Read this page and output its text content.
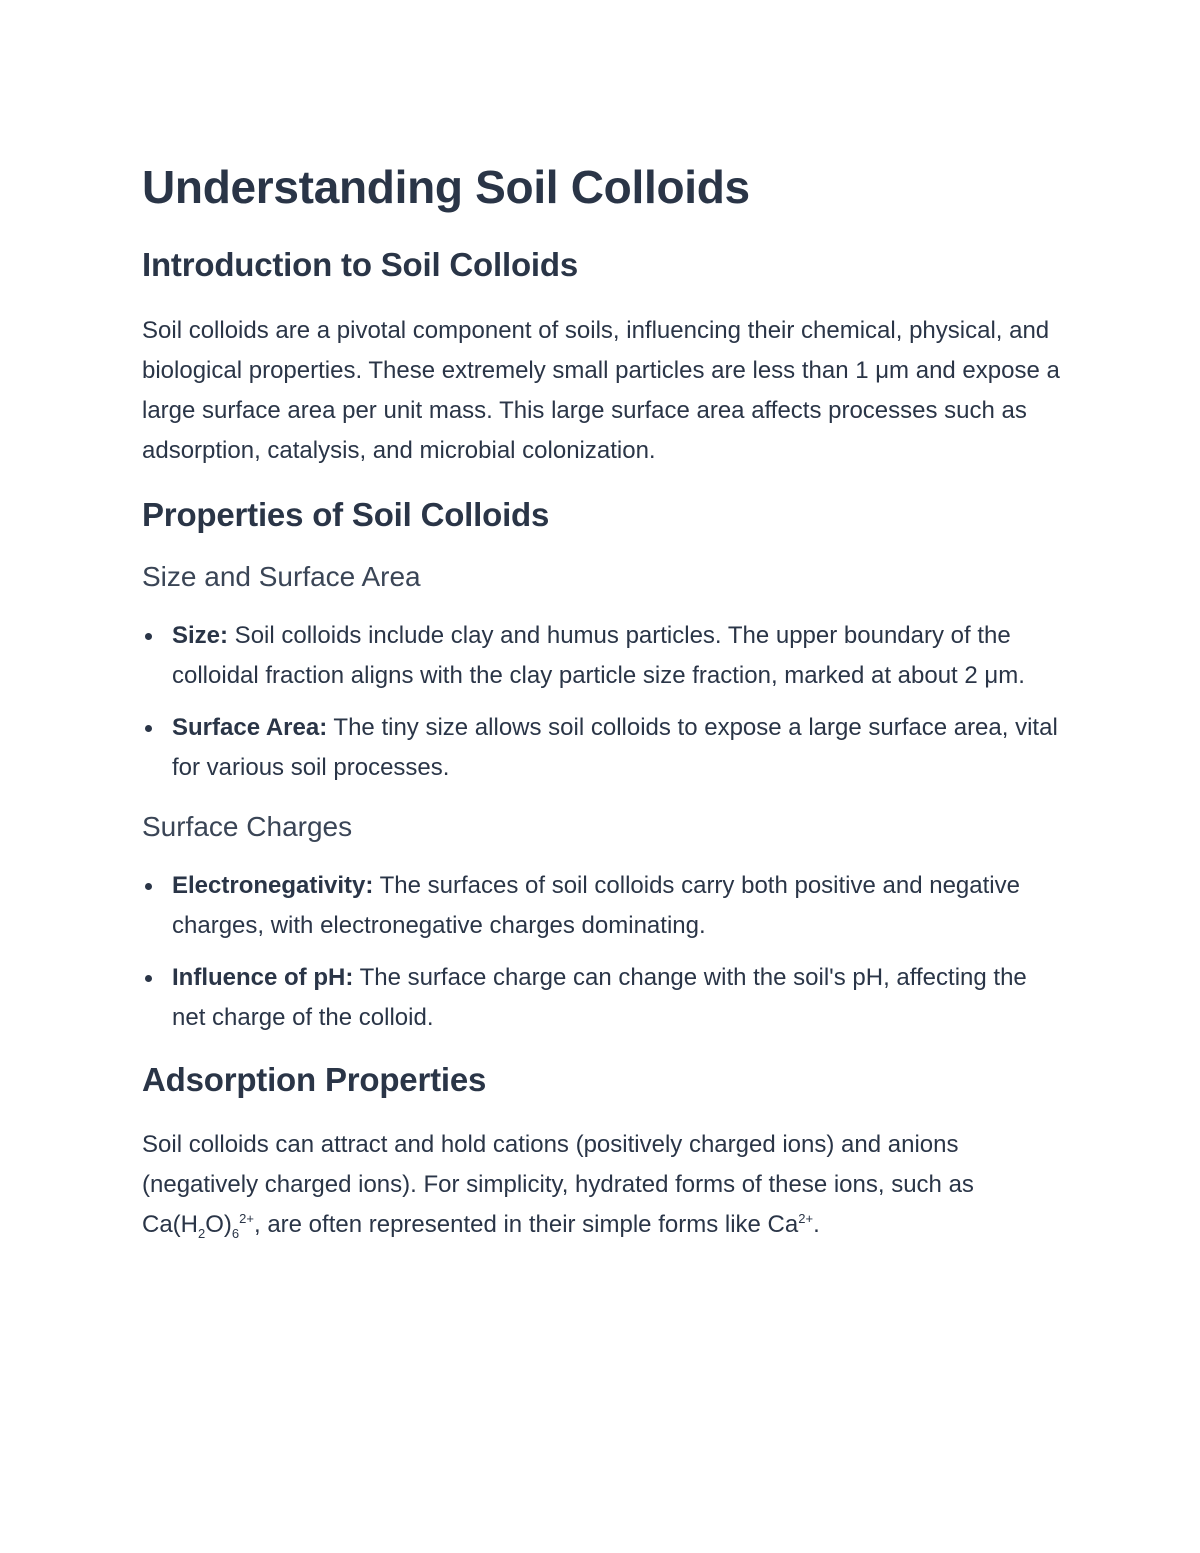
Understanding Soil Colloids
Introduction to Soil Colloids

Soil colloids are a pivotal component of soils, influencing their chemical, physical, and biological properties. These extremely small particles are less than 1 μm and expose a large surface area per unit mass. This large surface area affects processes such as adsorption, catalysis, and microbial colonization.

Properties of Soil Colloids
Size and Surface Area
Size: Soil colloids include clay and humus particles. The upper boundary of the colloidal fraction aligns with the clay particle size fraction, marked at about 2 μm.
Surface Area: The tiny size allows soil colloids to expose a large surface area, vital for various soil processes.
Surface Charges
Electronegativity: The surfaces of soil colloids carry both positive and negative charges, with electronegative charges dominating.
Influence of pH: The surface charge can change with the soil's pH, affecting the net charge of the colloid.
Adsorption Properties

Soil colloids can attract and hold cations (positively charged ions) and anions (negatively charged ions). For simplicity, hydrated forms of these ions, such as $Ca(H_2O)_6^{2+}$, are often represented in their simple forms like $Ca^{2+}$.
